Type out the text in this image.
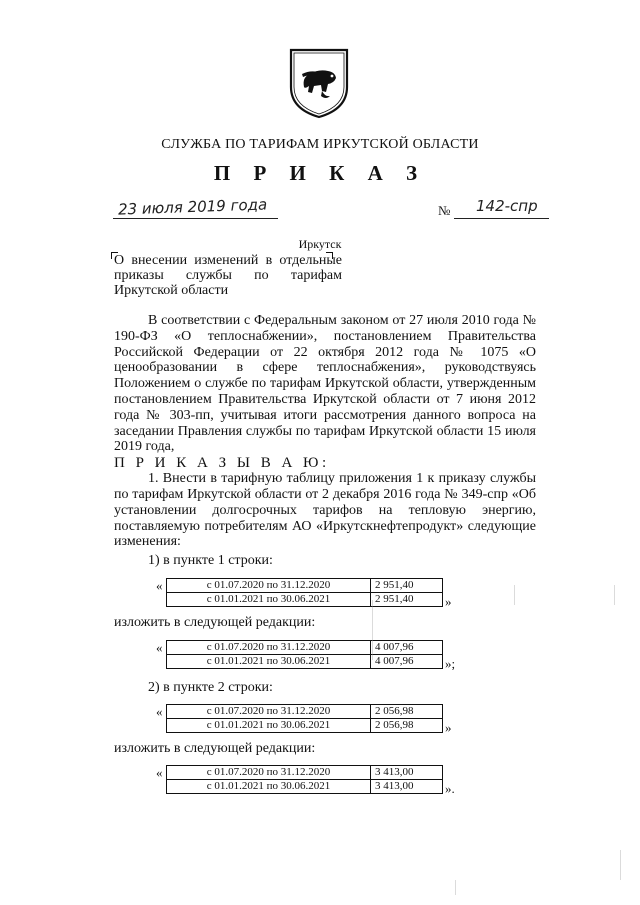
СЛУЖБА ПО ТАРИФАМ ИРКУТСКОЙ ОБЛАСТИ
П Р И К А З
23 июля 2019 года	№ 142-спр
Иркутск
О внесении изменений в отдельные приказы службы по тарифам Иркутской области

В соответствии с Федеральным законом от 27 июля 2010 года № 190-ФЗ «О теплоснабжении», постановлением Правительства Российской Федерации от 22 октября 2012 года № 1075 «О ценообразовании в сфере теплоснабжения», руководствуясь Положением о службе по тарифам Иркутской области, утвержденным постановлением Правительства Иркутской области от 7 июня 2012 года № 303-пп, учитывая итоги рассмотрения данного вопроса на заседании Правления службы по тарифам Иркутской области 15 июля 2019 года,

П Р И К А З Ы В А Ю:

1. Внести в тарифную таблицу приложения 1 к приказу службы по тарифам Иркутской области от 2 декабря 2016 года № 349-спр «Об установлении долгосрочных тарифов на тепловую энергию, поставляемую потребителям АО «Иркутскнефтепродукт» следующие изменения:

1) в пункте 1 строки:
«	с 01.07.2020 по 31.12.2020	2 951,40
с 01.01.2021 по 30.06.2021	2 951,40 »
изложить в следующей редакции:
«	с 01.07.2020 по 31.12.2020	4 007,96
с 01.01.2021 по 30.06.2021	4 007,96 »;
2) в пункте 2 строки:
«	с 01.07.2020 по 31.12.2020	2 056,98
с 01.01.2021 по 30.06.2021	2 056,98 »
изложить в следующей редакции:
«	с 01.07.2020 по 31.12.2020	3 413,00
с 01.01.2021 по 30.06.2021	3 413,00 ».
